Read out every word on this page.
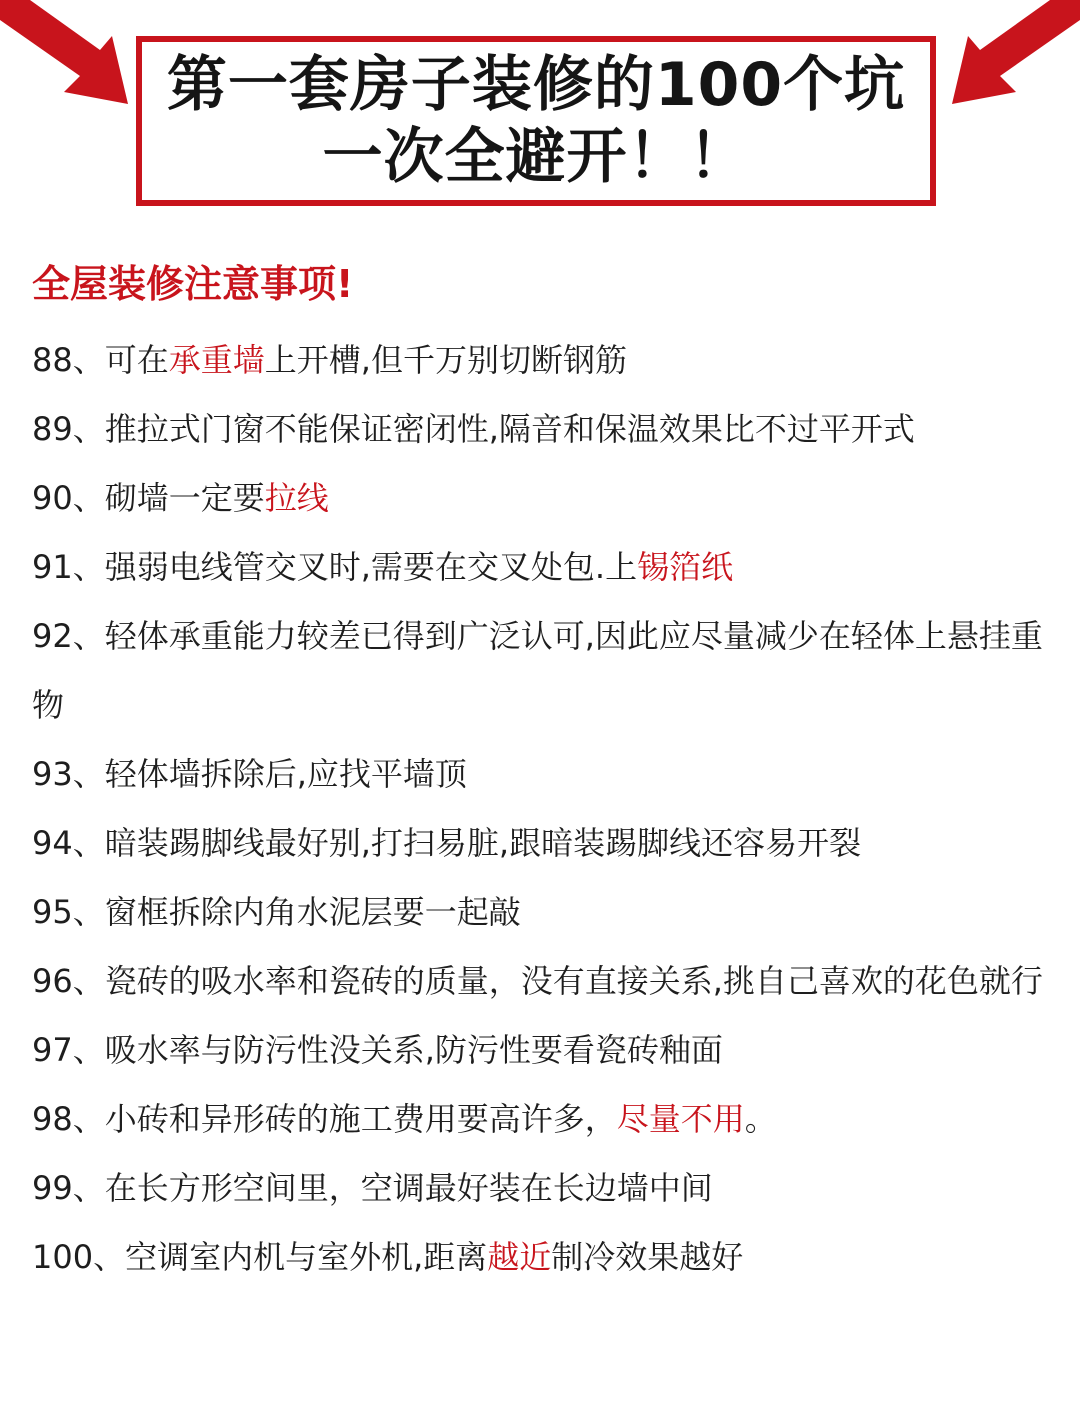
第一套房子装修的100个坑
一次全避开！！
全屋装修注意事项!
88、可在承重墙上开槽,但千万别切断钢筋
89、推拉式门窗不能保证密闭性,隔音和保温效果比不过平开式
90、砌墙一定要拉线
91、强弱电线管交叉时,需要在交叉处包.上锡箔纸
92、轻体承重能力较差已得到广泛认可,因此应尽量减少在轻体上悬挂重物
93、轻体墙拆除后,应找平墙顶
94、暗装踢脚线最好别,打扫易脏,跟暗装踢脚线还容易开裂
95、窗框拆除内角水泥层要一起敲
96、瓷砖的吸水率和瓷砖的质量，没有直接关系,挑自己喜欢的花色就行
97、吸水率与防污性没关系,防污性要看瓷砖釉面
98、小砖和异形砖的施工费用要高许多，尽量不用。
99、在长方形空间里，空调最好装在长边墙中间
100、空调室内机与室外机,距离越近制冷效果越好
